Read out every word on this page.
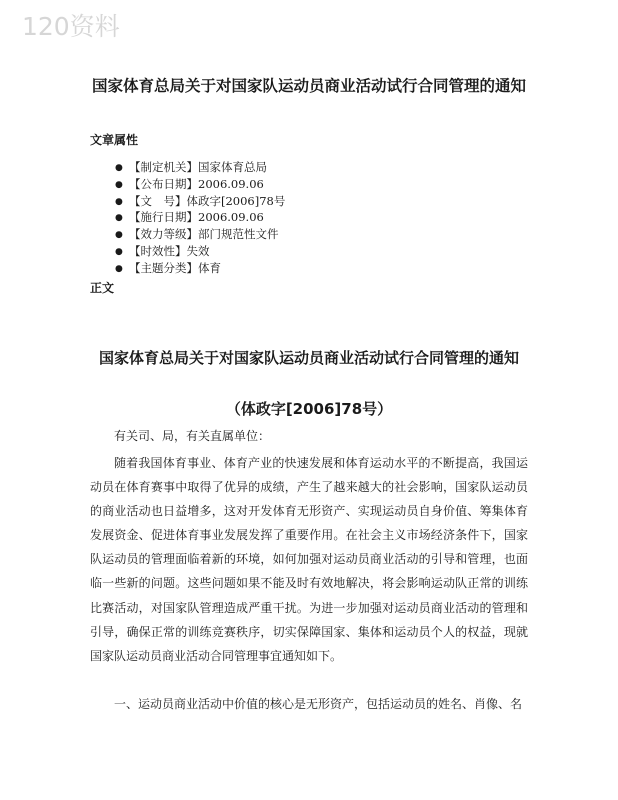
120资料
国家体育总局关于对国家队运动员商业活动试行合同管理的通知
文章属性
● 【制定机关】国家体育总局
● 【公布日期】2006.09.06
● 【文　号】体政字[2006]78号
● 【施行日期】2006.09.06
● 【效力等级】部门规范性文件
● 【时效性】失效
● 【主题分类】体育
正文
国家体育总局关于对国家队运动员商业活动试行合同管理的通知
（体政字[2006]78号）

有关司、局，有关直属单位：

随着我国体育事业、体育产业的快速发展和体育运动水平的不断提高，我国运动员在体育赛事中取得了优异的成绩，产生了越来越大的社会影响，国家队运动员的商业活动也日益增多，这对开发体育无形资产、实现运动员自身价值、筹集体育发展资金、促进体育事业发展发挥了重要作用。在社会主义市场经济条件下，国家队运动员的管理面临着新的环境，如何加强对运动员商业活动的引导和管理，也面临一些新的问题。这些问题如果不能及时有效地解决，将会影响运动队正常的训练比赛活动，对国家队管理造成严重干扰。为进一步加强对运动员商业活动的管理和引导，确保正常的训练竞赛秩序，切实保障国家、集体和运动员个人的权益，现就国家队运动员商业活动合同管理事宜通知如下。

一、运动员商业活动中价值的核心是无形资产，包括运动员的姓名、肖像、名
